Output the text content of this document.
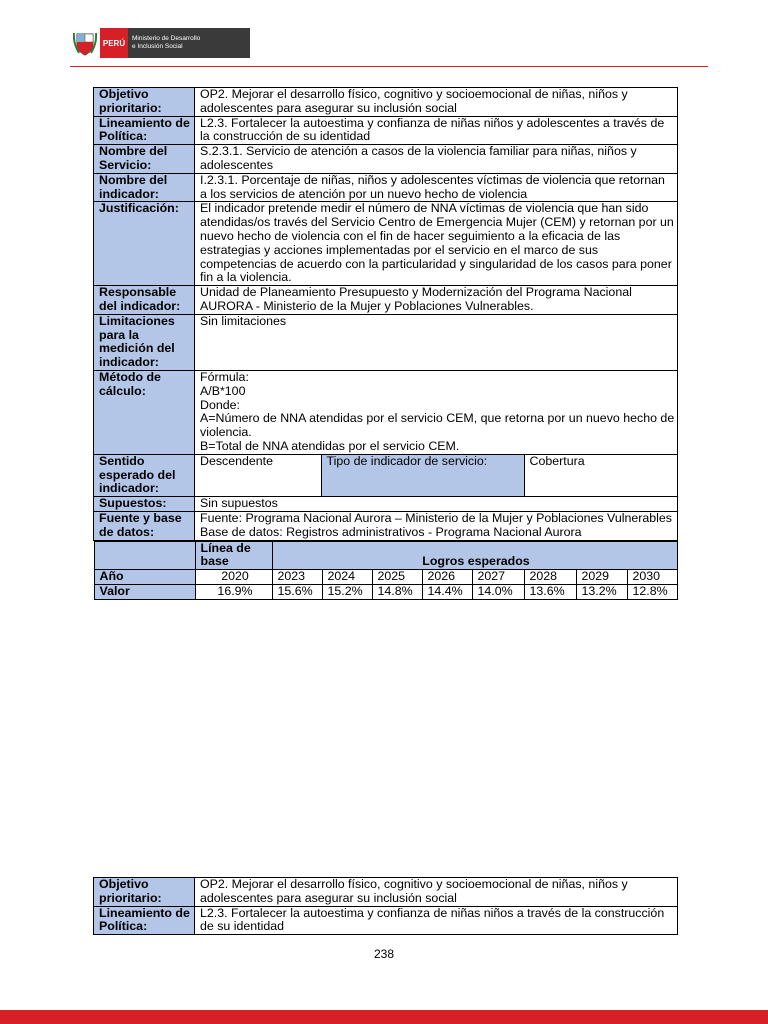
PERÚ Ministerio de Desarrollo
e Inclusión Social
Objetivo prioritario:	OP2. Mejorar el desarrollo físico, cognitivo y socioemocional de niñas, niños y adolescentes para asegurar su inclusión social
Lineamiento de Política:	L2.3. Fortalecer la autoestima y confianza de niñas niños y adolescentes a través de la construcción de su identidad
Nombre del Servicio:	S.2.3.1. Servicio de atención a casos de la violencia familiar para niñas, niños y adolescentes
Nombre del indicador:	I.2.3.1. Porcentaje de niñas, niños y adolescentes víctimas de violencia que retornan a los servicios de atención por un nuevo hecho de violencia
Justificación:	El indicador pretende medir el número de NNA víctimas de violencia que han sido atendidas/os través del Servicio Centro de Emergencia Mujer (CEM) y retornan por un nuevo hecho de violencia con el fin de hacer seguimiento a la eficacia de las estrategias y acciones implementadas por el servicio en el marco de sus competencias de acuerdo con la particularidad y singularidad de los casos para poner fin a la violencia.
Responsable del indicador:	Unidad de Planeamiento Presupuesto y Modernización del Programa Nacional AURORA - Ministerio de la Mujer y Poblaciones Vulnerables.
Limitaciones para la medición del indicador:	Sin limitaciones
Método de cálculo:	
Fórmula:
A/B*100
Donde:
A=Número de NNA atendidas por el servicio CEM, que retorna por un nuevo hecho de violencia.
B=Total de NNA atendidas por el servicio CEM.

Sentido esperado del indicador:	
Descendente	Tipo de indicador de servicio:	Cobertura

Supuestos:	Sin supuestos
Fuente y base de datos:	
Fuente: Programa Nacional Aurora – Ministerio de la Mujer y Poblaciones Vulnerables
Base de datos: Registros administrativos - Programa Nacional Aurora

	Línea de base	Logros esperados
Año	2020	2023	2024	2025	2026	2027	2028	2029	2030
Valor	16.9%	15.6%	15.2%	14.8%	14.4%	14.0%	13.6%	13.2%	12.8%
Objetivo prioritario:	OP2. Mejorar el desarrollo físico, cognitivo y socioemocional de niñas, niños y adolescentes para asegurar su inclusión social
Lineamiento de Política:	L2.3. Fortalecer la autoestima y confianza de niñas niños a través de la construcción de su identidad
238
